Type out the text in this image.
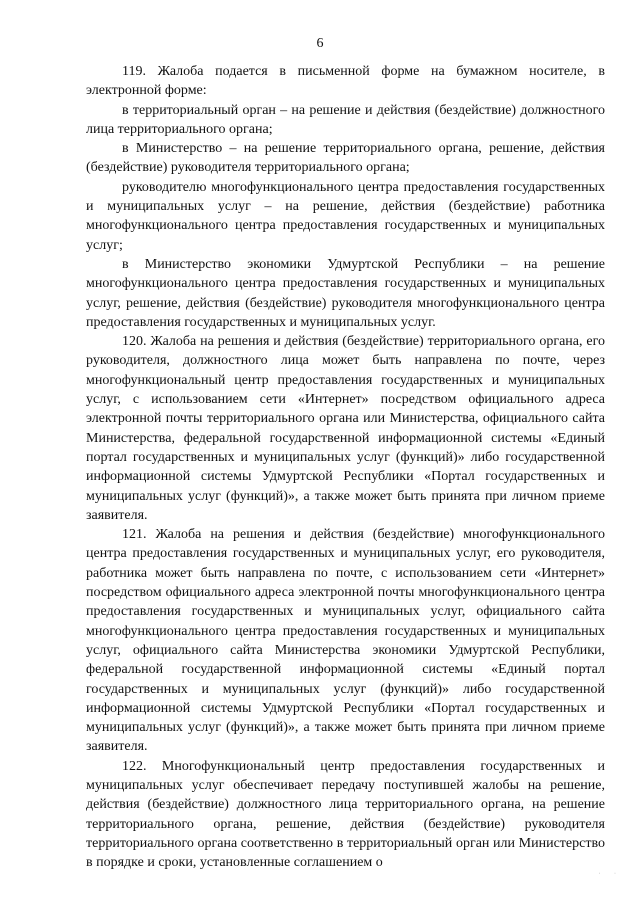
6

119. Жалоба подается в письменной форме на бумажном носителе, в электронной форме:

в территориальный орган – на решение и действия (бездействие) должностного лица территориального органа;

в Министерство – на решение территориального органа, решение, действия (бездействие) руководителя территориального органа;

руководителю многофункционального центра предоставления государственных и муниципальных услуг – на решение, действия (бездействие) работника многофункционального центра предоставления государственных и муниципальных услуг;

в Министерство экономики Удмуртской Республики – на решение многофункционального центра предоставления государственных и муниципальных услуг, решение, действия (бездействие) руководителя многофункционального центра предоставления государственных и муниципальных услуг.

120. Жалоба на решения и действия (бездействие) территориального органа, его руководителя, должностного лица может быть направлена по почте, через многофункциональный центр предоставления государственных и муниципальных услуг, с использованием сети «Интернет» посредством официального адреса электронной почты территориального органа или Министерства, официального сайта Министерства, федеральной государственной информационной системы «Единый портал государственных и муниципальных услуг (функций)» либо государственной информационной системы Удмуртской Республики «Портал государственных и муниципальных услуг (функций)», а также может быть принята при личном приеме заявителя.

121. Жалоба на решения и действия (бездействие) многофункционального центра предоставления государственных и муниципальных услуг, его руководителя, работника может быть направлена по почте, с использованием сети «Интернет» посредством официального адреса электронной почты многофункционального центра предоставления государственных и муниципальных услуг, официального сайта многофункционального центра предоставления государственных и муниципальных услуг, официального сайта Министерства экономики Удмуртской Республики, федеральной государственной информационной системы «Единый портал государственных и муниципальных услуг (функций)» либо государственной информационной системы Удмуртской Республики «Портал государственных и муниципальных услуг (функций)», а также может быть принята при личном приеме заявителя.

122. Многофункциональный центр предоставления государственных и муниципальных услуг обеспечивает передачу поступившей жалобы на решение, действия (бездействие) должностного лица территориального органа, на решение территориального органа, решение, действия (бездействие) руководителя территориального органа соответственно в территориальный орган или Министерство в порядке и сроки, установленные соглашением о

· ·
